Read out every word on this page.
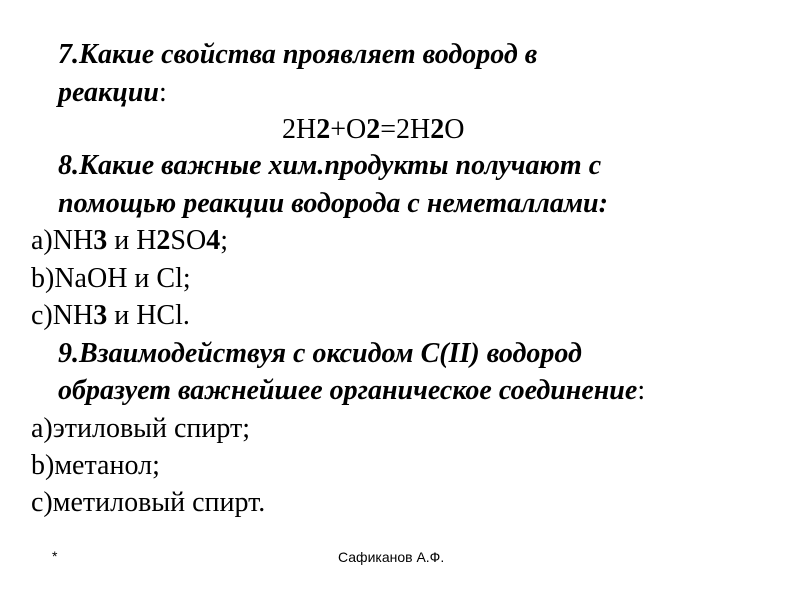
7.Какие свойства проявляет водород в
реакции:
2Н2+О2=2Н2О
8.Какие важные хим.продукты получают с
помощью реакции водорода с неметаллами:
a)NH3 и H2SO4;
b)NaOH и Cl;
c)NH3 и HCl.
9.Взаимодействуя с оксидом С(II) водород
образует важнейшее органическое соединение:
a)этиловый спирт;
b)метанол;
c)метиловый спирт.
*	Сафиканов А.Ф.
